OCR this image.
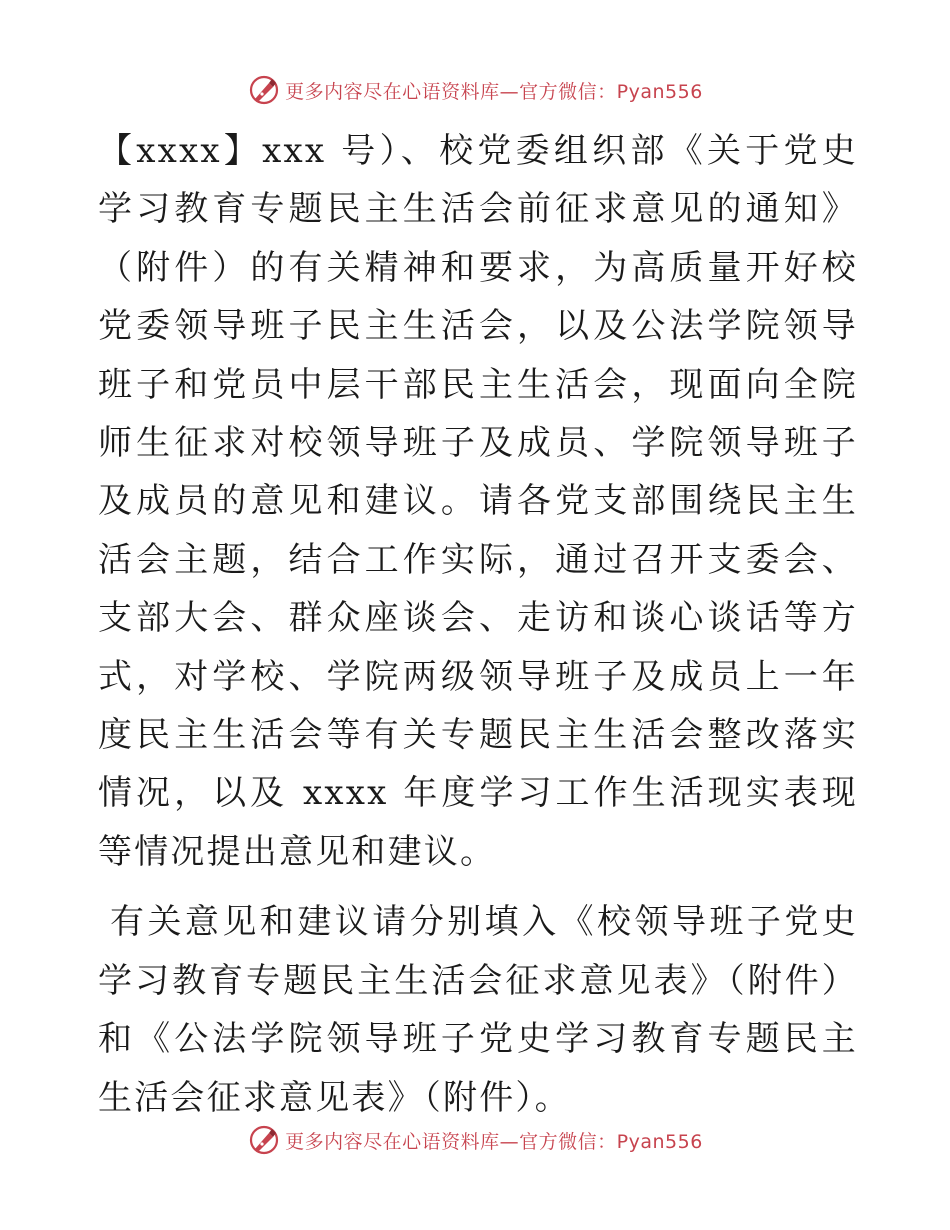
更多内容尽在心语资料库—官方微信：Pyan556

【xxxx】xxx 号）、校党委组织部《关于党史学习教育专题民主生活会前征求意见的通知》（附件）的有关精神和要求，为高质量开好校党委领导班子民主生活会，以及公法学院领导班子和党员中层干部民主生活会，现面向全院师生征求对校领导班子及成员、学院领导班子及成员的意见和建议。请各党支部围绕民主生活会主题，结合工作实际，通过召开支委会、支部大会、群众座谈会、走访和谈心谈话等方式，对学校、学院两级领导班子及成员上一年度民主生活会等有关专题民主生活会整改落实情况，以及 xxxx 年度学习工作生活现实表现等情况提出意见和建议。

有关意见和建议请分别填入《校领导班子党史学习教育专题民主生活会征求意见表》（附件）和《公法学院领导班子党史学习教育专题民主生活会征求意见表》（附件）。

更多内容尽在心语资料库—官方微信：Pyan556
